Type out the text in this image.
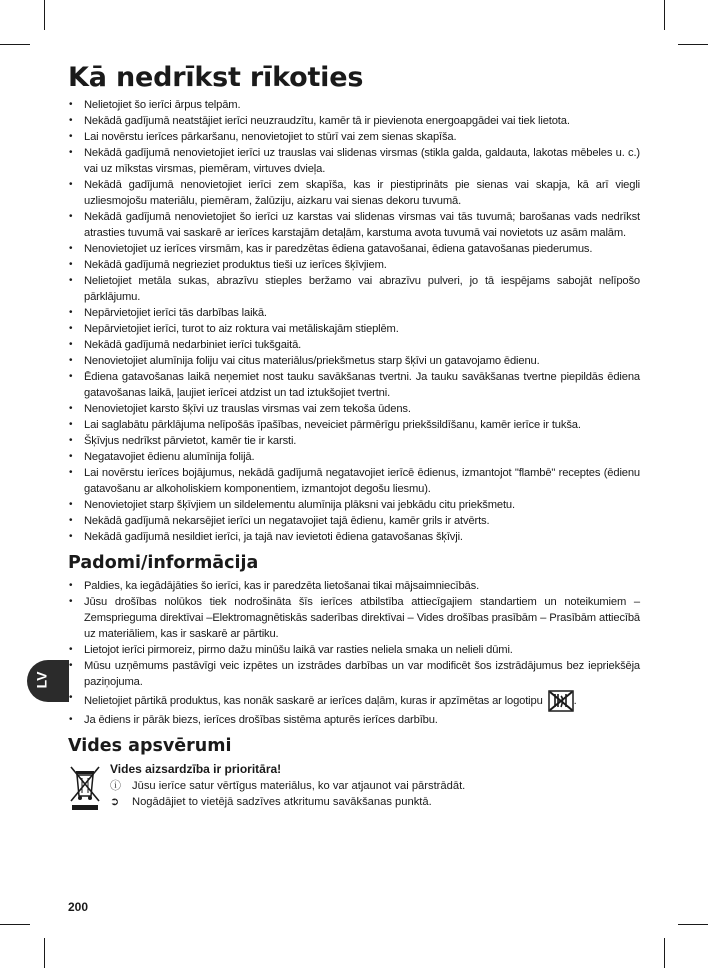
Kā nedrīkst rīkoties
• Nelietojiet šo ierīci ārpus telpām.
• Nekādā gadījumā neatstājiet ierīci neuzraudzītu, kamēr tā ir pievienota energoapgādei vai tiek lietota.
• Lai novērstu ierīces pārkaršanu, nenovietojiet to stūrī vai zem sienas skapīša.
• Nekādā gadījumā nenovietojiet ierīci uz trauslas vai slidenas virsmas (stikla galda, galdauta, lakotas mēbeles u. c.) vai uz mīkstas virsmas, piemēram, virtuves dvieļa.
• Nekādā gadījumā nenovietojiet ierīci zem skapīša, kas ir piestiprināts pie sienas vai skapja, kā arī viegli uzliesmojošu materiālu, piemēram, žalūziju, aizkaru vai sienas dekoru tuvumā.
• Nekādā gadījumā nenovietojiet šo ierīci uz karstas vai slidenas virsmas vai tās tuvumā; barošanas vads nedrīkst atrasties tuvumā vai saskarē ar ierīces karstajām detaļām, karstuma avota tuvumā vai novietots uz asām malām.
• Nenovietojiet uz ierīces virsmām, kas ir paredzētas ēdiena gatavošanai, ēdiena gatavošanas piederumus.
• Nekādā gadījumā negrieziet produktus tieši uz ierīces šķīvjiem.
• Nelietojiet metāla sukas, abrazīvu stieples beržamo vai abrazīvu pulveri, jo tā iespējams sabojāt nelīpošo pārklājumu.
• Nepārvietojiet ierīci tās darbības laikā.
• Nepārvietojiet ierīci, turot to aiz roktura vai metāliskajām stieplēm.
• Nekādā gadījumā nedarbiniet ierīci tukšgaitā.
• Nenovietojiet alumīnija foliju vai citus materiālus/priekšmetus starp šķīvi un gatavojamo ēdienu.
• Ēdiena gatavošanas laikā neņemiet nost tauku savākšanas tvertni. Ja tauku savākšanas tvertne piepildās ēdiena gatavošanas laikā, ļaujiet ierīcei atdzist un tad iztukšojiet tvertni.
• Nenovietojiet karsto šķīvi uz trauslas virsmas vai zem tekoša ūdens.
• Lai saglabātu pārklājuma nelīpošās īpašības, neveiciet pārmērīgu priekšsildīšanu, kamēr ierīce ir tukša.
• Šķīvjus nedrīkst pārvietot, kamēr tie ir karsti.
• Negatavojiet ēdienu alumīnija folijā.
• Lai novērstu ierīces bojājumus, nekādā gadījumā negatavojiet ierīcē ēdienus, izmantojot "flambē" receptes (ēdienu gatavošanu ar alkoholiskiem komponentiem, izmantojot degošu liesmu).
• Nenovietojiet starp šķīvjiem un sildelementu alumīnija plāksni vai jebkādu citu priekšmetu.
• Nekādā gadījumā nekarsējiet ierīci un negatavojiet tajā ēdienu, kamēr grils ir atvērts.
• Nekādā gadījumā nesildiet ierīci, ja tajā nav ievietoti ēdiena gatavošanas šķīvji.
Padomi/informācija
• Paldies, ka iegādājāties šo ierīci, kas ir paredzēta lietošanai tikai mājsaimniecībās.
• Jūsu drošības nolūkos tiek nodrošināta šīs ierīces atbilstība attiecīgajiem standartiem un noteikumiem – Zemsprieguma direktīvai –Elektromagnētiskās saderības direktīvai – Vides drošības prasībām – Prasībām attiecībā uz materiāliem, kas ir saskarē ar pārtiku.
• Lietojot ierīci pirmoreiz, pirmo dažu minūšu laikā var rasties neliela smaka un nelieli dūmi.
• Mūsu uzņēmums pastāvīgi veic izpētes un izstrādes darbības un var modificēt šos izstrādājumus bez iepriekšēja paziņojuma.
• Nelietojiet pārtikā produktus, kas nonāk saskarē ar ierīces daļām, kuras ir apzīmētas ar logotipu	.
• Ja ēdiens ir pārāk biezs, ierīces drošības sistēma apturēs ierīces darbību.
Vides apsvērumi
Vides aizsardzība ir prioritāra!
ⓘ Jūsu ierīce satur vērtīgus materiālus, ko var atjaunot vai pārstrādāt.
➲	Nogādājiet to vietējā sadzīves atkritumu savākšanas punktā.
LV
200
